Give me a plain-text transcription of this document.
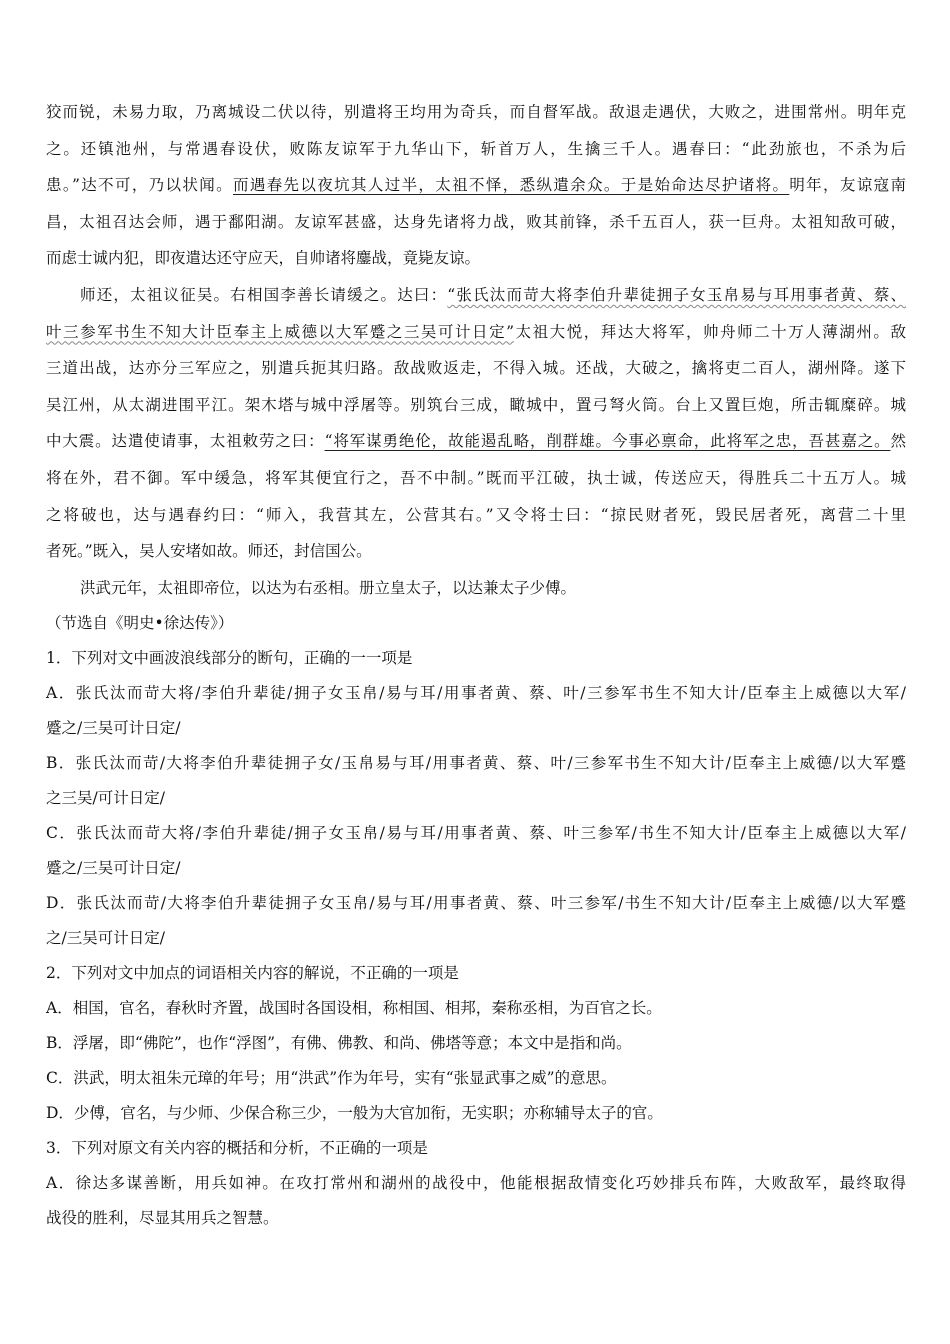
狡而锐，未易力取，乃离城设二伏以待，别遣将王均用为奇兵，而自督军战。敌退走遇伏，大败之，进围常州。明年克
之。还镇池州，与常遇春设伏，败陈友谅军于九华山下，斩首万人，生擒三千人。遇春曰：“此劲旅也，不杀为后
患。”达不可，乃以状闻。而遇春先以夜坑其人过半，太祖不怿，悉纵遣余众。于是始命达尽护诸将。明年，友谅寇南
昌，太祖召达会师，遇于鄱阳湖。友谅军甚盛，达身先诸将力战，败其前锋，杀千五百人，获一巨舟。太祖知敌可破，
而虑士诚内犯，即夜遣达还守应天，自帅诸将鏖战，竟毙友谅。
师还，太祖议征吴。右相国李善长请缓之。达曰：“张氏汰而苛大将李伯升辈徒拥子女玉帛易与耳用事者黄、蔡、
叶三参军书生不知大计臣奉主上威德以大军蹙之三吴可计日定”太祖大悦，拜达大将军，帅舟师二十万人薄湖州。敌
三道出战，达亦分三军应之，别遣兵扼其归路。敌战败返走，不得入城。还战，大破之，擒将吏二百人，湖州降。遂下
吴江州，从太湖进围平江。架木塔与城中浮屠等。别筑台三成，瞰城中，置弓弩火筒。台上又置巨炮，所击辄糜碎。城
中大震。达遣使请事，太祖敕劳之曰：“将军谋勇绝伦，故能遏乱略，削群雄。今事必禀命，此将军之忠，吾甚嘉之。然
将在外，君不御。军中缓急，将军其便宜行之，吾不中制。”既而平江破，执士诚，传送应天，得胜兵二十五万人。城
之将破也，达与遇春约曰：“师入，我营其左，公营其右。”又令将士曰：“掠民财者死，毁民居者死，离营二十里
者死。”既入，吴人安堵如故。师还，封信国公。
洪武元年，太祖即帝位，以达为右丞相。册立皇太子，以达兼太子少傅。
（节选自《明史•徐达传》）
1．下列对文中画波浪线部分的断句，正确的一一项是
A．张氏汰而苛大将/李伯升辈徒/拥子女玉帛/易与耳/用事者黄、蔡、叶/三参军书生不知大计/臣奉主上威德以大军/
蹙之/三吴可计日定/
B．张氏汰而苛/大将李伯升辈徒拥子女/玉帛易与耳/用事者黄、蔡、叶/三参军书生不知大计/臣奉主上威德/以大军蹙
之三吴/可计日定/
C．张氏汰而苛大将/李伯升辈徒/拥子女玉帛/易与耳/用事者黄、蔡、叶三参军/书生不知大计/臣奉主上威德以大军/
蹙之/三吴可计日定/
D．张氏汰而苛/大将李伯升辈徒拥子女玉帛/易与耳/用事者黄、蔡、叶三参军/书生不知大计/臣奉主上威德/以大军蹙
之/三吴可计日定/
2．下列对文中加点的词语相关内容的解说，不正确的一项是
A．相国，官名，春秋时齐置，战国时各国设相，称相国、相邦，秦称丞相，为百官之长。
B．浮屠，即“佛陀”，也作“浮图”，有佛、佛教、和尚、佛塔等意；本文中是指和尚。
C．洪武，明太祖朱元璋的年号；用“洪武”作为年号，实有“张显武事之威”的意思。
D．少傅，官名，与少师、少保合称三少，一般为大官加衔，无实职；亦称辅导太子的官。
3．下列对原文有关内容的概括和分析，不正确的一项是
A．徐达多谋善断，用兵如神。在攻打常州和湖州的战役中，他能根据敌情变化巧妙排兵布阵，大败敌军，最终取得
战役的胜利，尽显其用兵之智慧。
